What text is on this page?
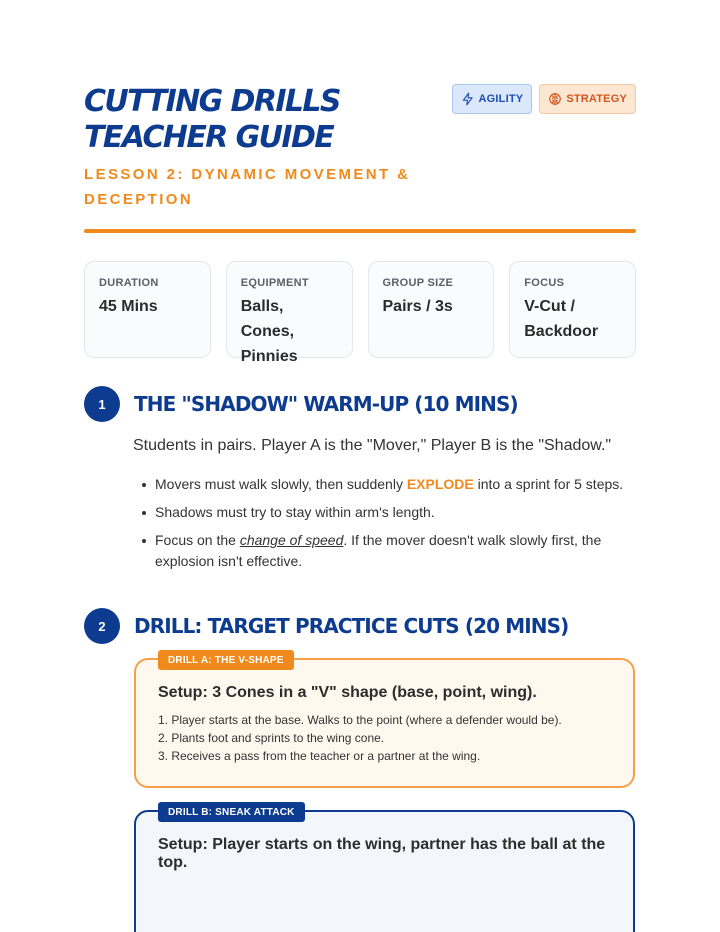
CUTTING DRILLS
TEACHER GUIDE
LESSON 2: DYNAMIC MOVEMENT &
DECEPTION
AGILITY	STRATEGY
DURATION
45 Mins
EQUIPMENT
Balls, Cones,
Pinnies
GROUP SIZE
Pairs / 3s
FOCUS
V-Cut /
Backdoor
1	THE "SHADOW" WARM-UP (10 MINS)
Students in pairs. Player A is the "Mover," Player B is the "Shadow."
Movers must walk slowly, then suddenly EXPLODE into a sprint for 5 steps.
Shadows must try to stay within arm's length.
Focus on the change of speed. If the mover doesn't walk slowly first, the explosion isn't effective.
2	DRILL: TARGET PRACTICE CUTS (20 MINS)
DRILL A: THE V-SHAPE
Setup: 3 Cones in a "V" shape (base, point, wing).
1. Player starts at the base. Walks to the point (where a defender would be).
2. Plants foot and sprints to the wing cone.
3. Receives a pass from the teacher or a partner at the wing.
DRILL B: SNEAK ATTACK
Setup: Player starts on the wing, partner has the ball at the top.
